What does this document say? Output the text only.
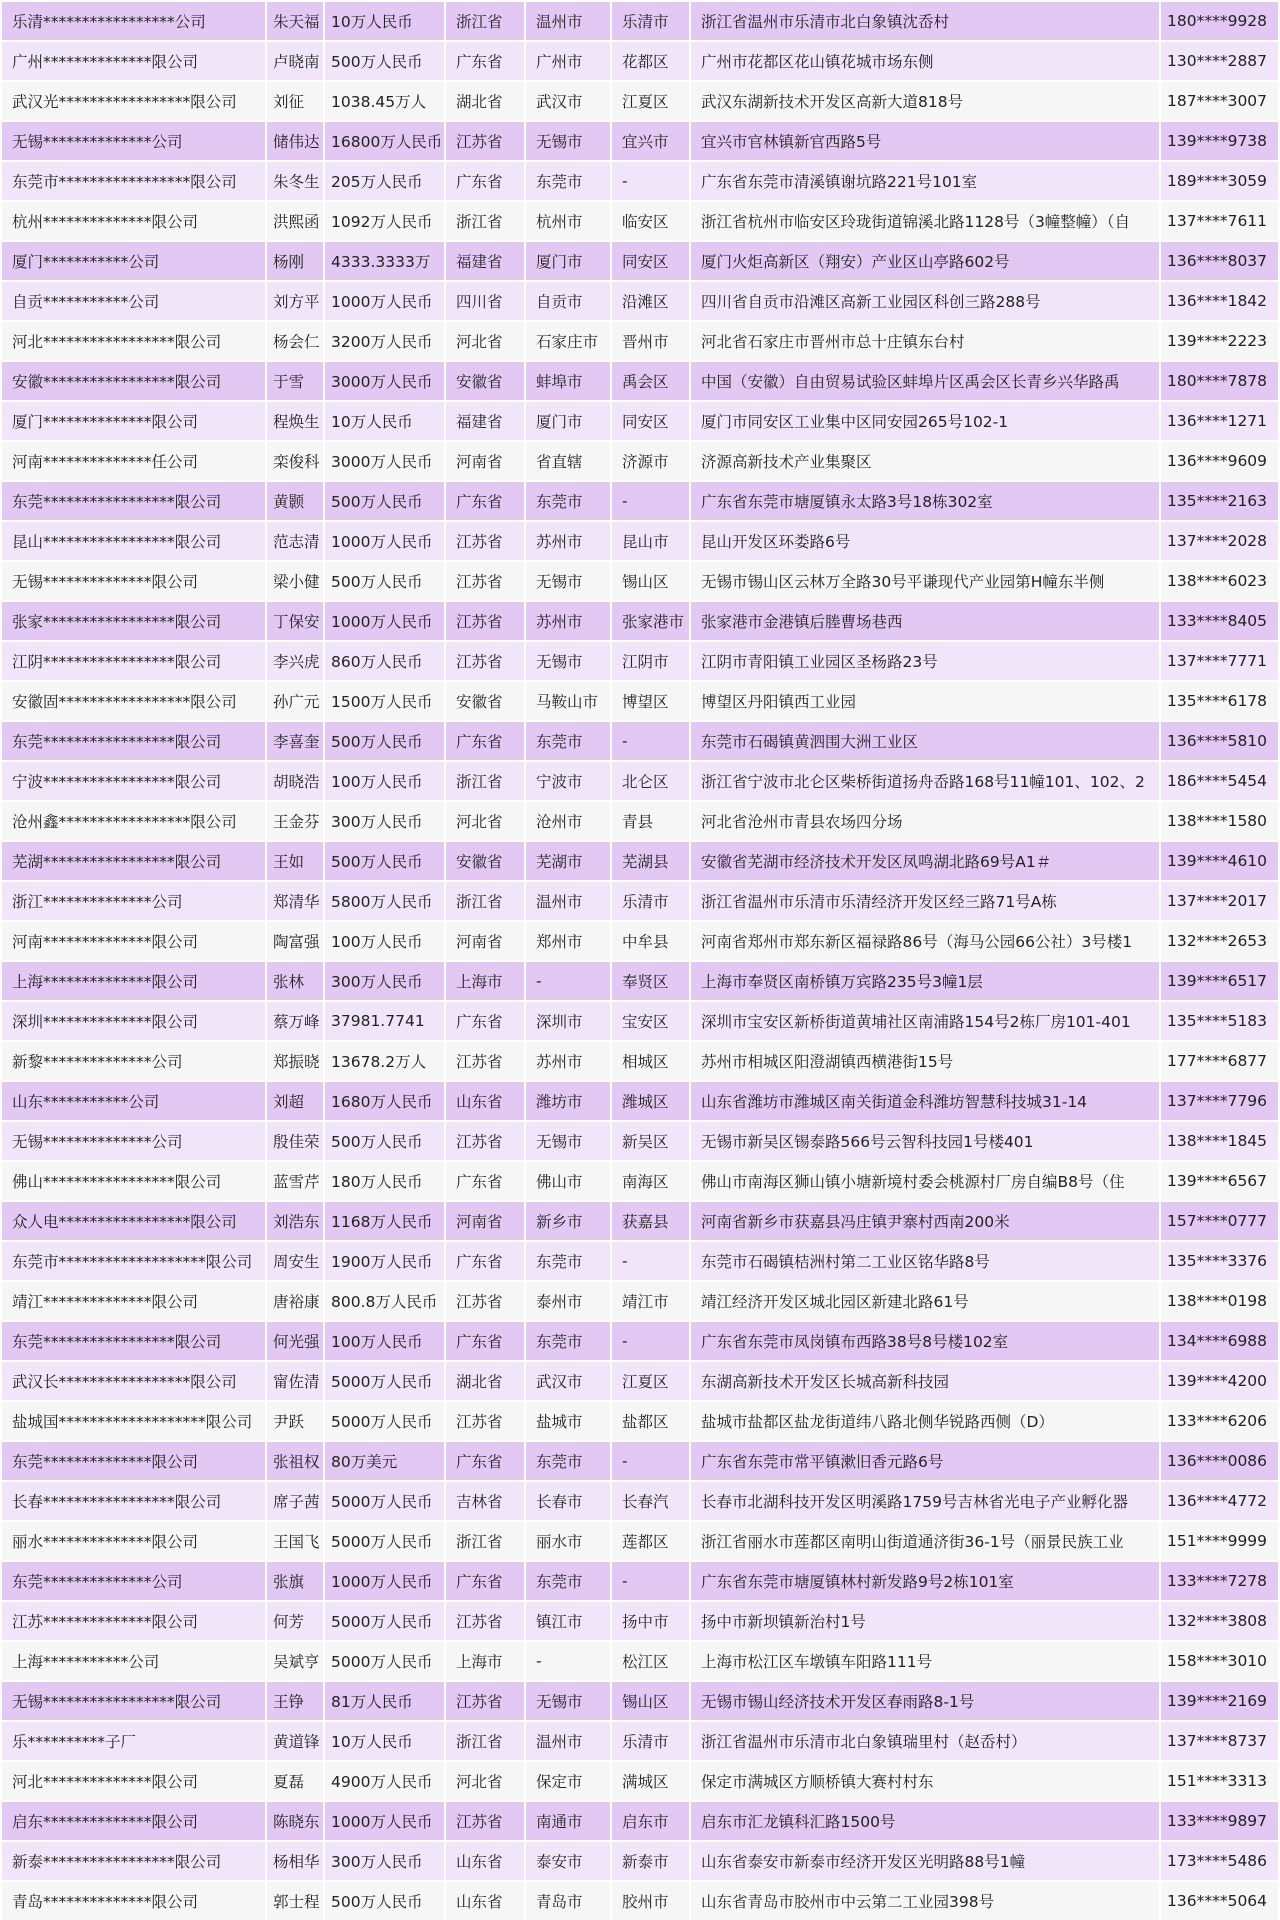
乐清*****************公司	朱天福	10万人民币	浙江省	温州市	乐清市	浙江省温州市乐清市北白象镇沈岙村	180****9928
广州**************限公司	卢晓南	500万人民币	广东省	广州市	花都区	广州市花都区花山镇花城市场东侧	130****2887
武汉光*****************限公司	刘征	1038.45万人	湖北省	武汉市	江夏区	武汉东湖新技术开发区高新大道818号	187****3007
无锡**************公司	储伟达	16800万人民币	江苏省	无锡市	宜兴市	宜兴市官林镇新官西路5号	139****9738
东莞市*****************限公司	朱冬生	205万人民币	广东省	东莞市	-	广东省东莞市清溪镇谢坑路221号101室	189****3059
杭州**************限公司	洪熙函	1092万人民币	浙江省	杭州市	临安区	浙江省杭州市临安区玲珑街道锦溪北路1128号（3幢整幢）（自	137****7611
厦门***********公司	杨刚	4333.3333万	福建省	厦门市	同安区	厦门火炬高新区（翔安）产业区山亭路602号	136****8037
自贡***********公司	刘方平	1000万人民币	四川省	自贡市	沿滩区	四川省自贡市沿滩区高新工业园区科创三路288号	136****1842
河北*****************限公司	杨会仁	3200万人民币	河北省	石家庄市	晋州市	河北省石家庄市晋州市总十庄镇东台村	139****2223
安徽*****************限公司	于雪	3000万人民币	安徽省	蚌埠市	禹会区	中国（安徽）自由贸易试验区蚌埠片区禹会区长青乡兴华路禹	180****7878
厦门**************限公司	程焕生	10万人民币	福建省	厦门市	同安区	厦门市同安区工业集中区同安园265号102-1	136****1271
河南**************任公司	栾俊科	3000万人民币	河南省	省直辖	济源市	济源高新技术产业集聚区	136****9609
东莞*****************限公司	黄颢	500万人民币	广东省	东莞市	-	广东省东莞市塘厦镇永太路3号18栋302室	135****2163
昆山*****************限公司	范志清	1000万人民币	江苏省	苏州市	昆山市	昆山开发区环娄路6号	137****2028
无锡**************限公司	梁小健	500万人民币	江苏省	无锡市	锡山区	无锡市锡山区云林万全路30号平谦现代产业园第H幢东半侧	138****6023
张家*****************限公司	丁保安	1000万人民币	江苏省	苏州市	张家港市	张家港市金港镇后塍曹场巷西	133****8405
江阴*****************限公司	李兴虎	860万人民币	江苏省	无锡市	江阴市	江阴市青阳镇工业园区圣杨路23号	137****7771
安徽固*****************限公司	孙广元	1500万人民币	安徽省	马鞍山市	博望区	博望区丹阳镇西工业园	135****6178
东莞*****************限公司	李喜奎	500万人民币	广东省	东莞市	-	东莞市石碣镇黄泗围大洲工业区	136****5810
宁波*****************限公司	胡晓浩	100万人民币	浙江省	宁波市	北仑区	浙江省宁波市北仑区柴桥街道扬舟岙路168号11幢101、102、2	186****5454
沧州鑫*****************限公司	王金芬	300万人民币	河北省	沧州市	青县	河北省沧州市青县农场四分场	138****1580
芜湖*****************限公司	王如	500万人民币	安徽省	芜湖市	芜湖县	安徽省芜湖市经济技术开发区凤鸣湖北路69号A1＃	139****4610
浙江**************公司	郑清华	5800万人民币	浙江省	温州市	乐清市	浙江省温州市乐清市乐清经济开发区经三路71号A栋	137****2017
河南**************限公司	陶富强	100万人民币	河南省	郑州市	中牟县	河南省郑州市郑东新区福禄路86号（海马公园66公社）3号楼1	132****2653
上海**************限公司	张林	300万人民币	上海市	-	奉贤区	上海市奉贤区南桥镇万宾路235号3幢1层	139****6517
深圳**************限公司	蔡万峰	37981.7741	广东省	深圳市	宝安区	深圳市宝安区新桥街道黄埔社区南浦路154号2栋厂房101-401	135****5183
新黎**************公司	郑振晓	13678.2万人	江苏省	苏州市	相城区	苏州市相城区阳澄湖镇西横港街15号	177****6877
山东***********公司	刘超	1680万人民币	山东省	潍坊市	潍城区	山东省潍坊市潍城区南关街道金科潍坊智慧科技城31-14	137****7796
无锡**************公司	殷佳荣	500万人民币	江苏省	无锡市	新吴区	无锡市新吴区锡泰路566号云智科技园1号楼401	138****1845
佛山*****************限公司	蓝雪芹	180万人民币	广东省	佛山市	南海区	佛山市南海区狮山镇小塘新境村委会桃源村厂房自编B8号（住	139****6567
众人电*****************限公司	刘浩东	1168万人民币	河南省	新乡市	获嘉县	河南省新乡市获嘉县冯庄镇尹寨村西南200米	157****0777
东莞市*******************限公司	周安生	1900万人民币	广东省	东莞市	-	东莞市石碣镇桔洲村第二工业区铭华路8号	135****3376
靖江**************限公司	唐裕康	800.8万人民币	江苏省	泰州市	靖江市	靖江经济开发区城北园区新建北路61号	138****0198
东莞*****************限公司	何光强	100万人民币	广东省	东莞市	-	广东省东莞市凤岗镇布西路38号8号楼102室	134****6988
武汉长*****************限公司	甯佐清	5000万人民币	湖北省	武汉市	江夏区	东湖高新技术开发区长城高新科技园	139****4200
盐城国*******************限公司	尹跃	5000万人民币	江苏省	盐城市	盐都区	盐城市盐都区盐龙街道纬八路北侧华锐路西侧（D）	133****6206
东莞**************限公司	张祖权	80万美元	广东省	东莞市	-	广东省东莞市常平镇漱旧香元路6号	136****0086
长春*****************限公司	席子茜	5000万人民币	吉林省	长春市	长春汽	长春市北湖科技开发区明溪路1759号吉林省光电子产业孵化器	136****4772
丽水**************限公司	王国飞	5000万人民币	浙江省	丽水市	莲都区	浙江省丽水市莲都区南明山街道通济街36-1号（丽景民族工业	151****9999
东莞**************公司	张旗	1000万人民币	广东省	东莞市	-	广东省东莞市塘厦镇林村新发路9号2栋101室	133****7278
江苏**************限公司	何芳	5000万人民币	江苏省	镇江市	扬中市	扬中市新坝镇新治村1号	132****3808
上海***********公司	吴斌亨	5000万人民币	上海市	-	松江区	上海市松江区车墩镇车阳路111号	158****3010
无锡*****************限公司	王铮	81万人民币	江苏省	无锡市	锡山区	无锡市锡山经济技术开发区春雨路8-1号	139****2169
乐**********子厂	黄道锋	10万人民币	浙江省	温州市	乐清市	浙江省温州市乐清市北白象镇瑞里村（赵岙村）	137****8737
河北**************限公司	夏磊	4900万人民币	河北省	保定市	满城区	保定市满城区方顺桥镇大赛村村东	151****3313
启东**************限公司	陈晓东	1000万人民币	江苏省	南通市	启东市	启东市汇龙镇科汇路1500号	133****9897
新泰*****************限公司	杨相华	300万人民币	山东省	泰安市	新泰市	山东省泰安市新泰市经济开发区光明路88号1幢	173****5486
青岛**************限公司	郭士程	500万人民币	山东省	青岛市	胶州市	山东省青岛市胶州市中云第二工业园398号	136****5064
